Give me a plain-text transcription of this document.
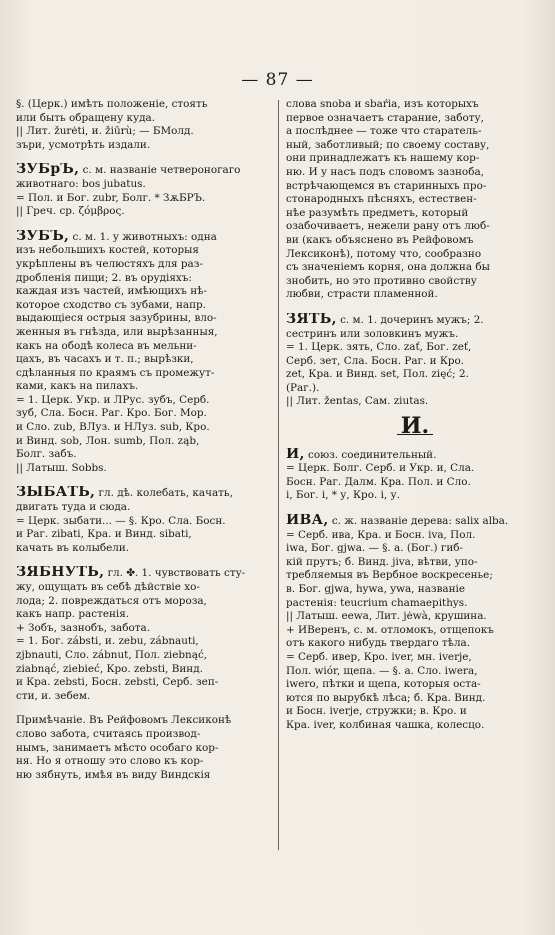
— 87 —
§. (Церк.) имѣть положеніе, стоять
или быть обращену куда.
|| Лит. žurėti, и. žiūrù; — БМолд.
зъри, усмотрѣть издали.
ЗУБрЪ, с. м. названіе четвероногаго
животнаго: bos jubatus.
= Пол. и Бог. zubr, Болг. * ЗѫБРЪ.
|| Греч. ср. ζόμβρος.
ЗУБЪ, с. м. 1. у животныхъ: одна
изъ небольшихъ костей, которыя
укрѣплены въ челюстяхъ для раз-
дробленія пищи; 2. въ орудіяхъ:
каждая изъ частей, имѣющихъ нѣ-
которое сходство съ зубами, напр.
выдающіеся острыя зазубрины, вло-
женныя въ гнѣзда, или вырѣзанныя,
какъ на ободѣ колеса въ мельни-
цахъ, въ часахъ и т. п.; вырѣзки,
сдѣланныя по краямъ съ промежут-
ками, какъ на пилахъ.
= 1. Церк. Укр. и ЛРус. зубъ, Серб.
зуб, Сла. Босн. Раг. Кро. Бог. Мор.
и Сло. zub, ВЛуз. и НЛуз. sub, Кро.
и Винд. sob, Лон. sumb, Пол. ząb,
Болг. забъ.
|| Латыш. Sobbs.
ЗЫБАТЬ, гл. дѣ. колебать, качать,
двигать туда и сюда.
= Церк. зыбати... — §. Кро. Сла. Босн.
и Раг. zibati, Кра. и Винд. sibati,
качать въ колыбели.
ЗЯБНУТЬ, гл. ✤. 1. чувствовать сту-
жу, ощущать въ себѣ дѣйствіе хо-
лода; 2. повреждаться отъ мороза,
какъ напр. растенія.
+ Зобъ, зазнобъ, забота.
= 1. Бог. zábsti, и. zebu, zábnauti,
zjbnauti, Сло. zábnut, Пол. ziebnąć,
ziabnąć, ziebieć, Кро. zebsti, Винд.
и Кра. zebsti, Босн. zebsti, Серб. зеп-
сти, и. зебем.
Примѣчаніе. Въ Рейфовомъ Лексиконѣ
слово забота, считаясь производ-
нымъ, занимаетъ мѣсто особаго кор-
ня. Но я отношу это слово къ кор-
ню зябнуть, имѣя въ виду Виндскія
слова snoba и sbaŕia, изъ которыхъ
первое означаетъ старание, заботу,
а послѣднее — тоже что старатель-
ный, заботливый; по своему составу,
они принадлежатъ къ нашему кор-
ню. И у насъ подъ словомъ зазноба,
встрѣчающемся въ старинныхъ про-
стонародныхъ пѣсняхъ, естествен-
нѣе разумѣть предметъ, который
озабочиваетъ, нежели рану отъ люб-
ви (какъ объяснено въ Рейфовомъ
Лексиконѣ), потому что, сообразно
съ значеніемъ корня, она должна бы
знобить, но это противно свойству
любви, страсти пламенной.
ЗЯТЬ, с. м. 1. дочеринъ мужъ; 2.
сестринъ или золовкинъ мужъ.
= 1. Церк. зять, Сло. zať, Бог. zeť,
Серб. зет, Сла. Босн. Раг. и Кро.
zet, Кра. и Винд. set, Пол. zięć; 2.
(Раг.).
|| Лит. žentas, Сам. ziutas.
И.
И, союз. соединительный.
= Церк. Болг. Серб. и Укр. и, Сла.
Босн. Раг. Далм. Кра. Пол. и Сло.
i, Бог. i, * у, Кро. i, у.
ИВА, с. ж. названіе дерева: salix alba.
= Серб. ива, Кра. и Босн. iva, Пол.
iwa, Бог. gjwa. — §. a. (Бог.) гиб-
кій прутъ; б. Винд. jiva, вѣтви, упо-
требляемыя въ Вербное воскресенье;
в. Бог. gjwa, hywa, ywa, названіе
растенія: teucrium chamaepithys.
|| Латыш. eewa, Лит. jėwà, крушина.
+ ИВеренъ, с. м. отломокъ, отщепокъ
отъ какого нибудь твердаго тѣла.
= Серб. ивер, Кро. iver, мн. iverje,
Пол. wiór, щепа. — §. a. Сло. iwera,
iwero, пѣтки и щепа, которыя оста-
ются по вырубкѣ лѣса; б. Кра. Винд.
и Босн. iverje, стружки; в. Кро. и
Кра. iver, колбиная чашка, колесцо.
